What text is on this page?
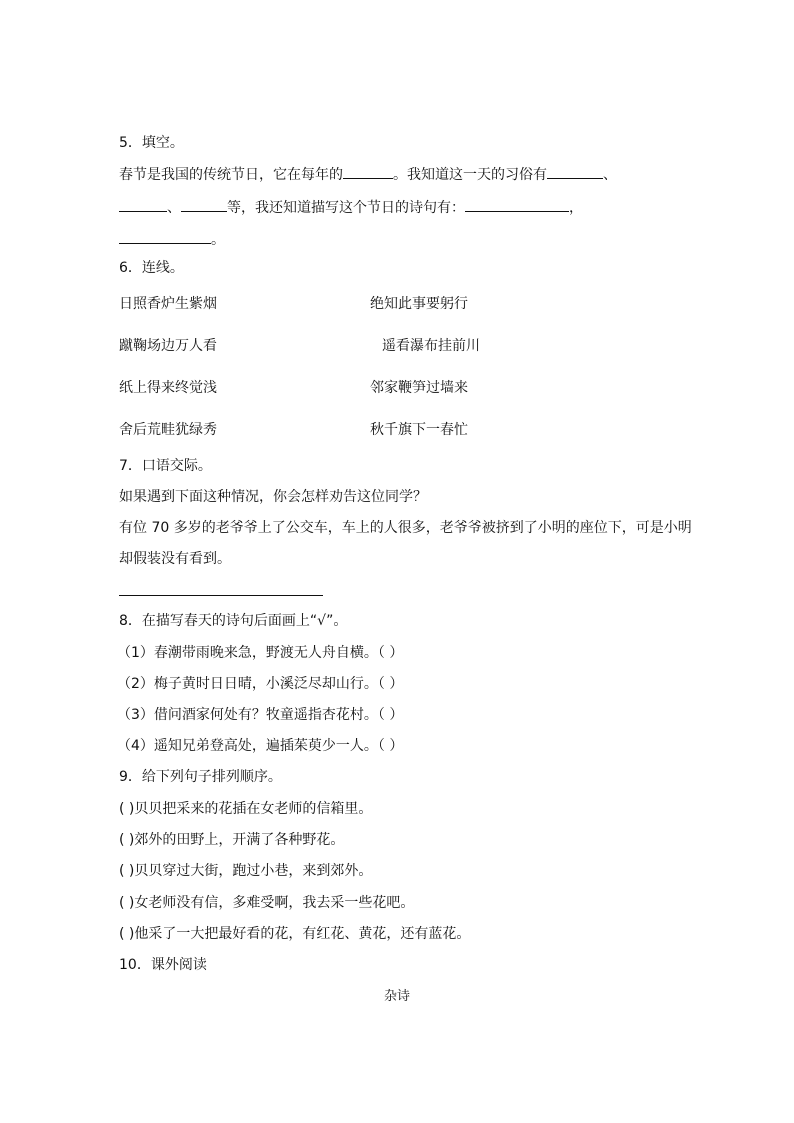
5．填空。
春节是我国的传统节日，它在每年的	。我知道这一天的习俗有	、
、	等，我还知道描写这个节日的诗句有：	，
。
6．连线。
日照香炉生紫烟	绝知此事要躬行
蹴鞠场边万人看	遥看瀑布挂前川
纸上得来终觉浅	邻家鞭笋过墙来
舍后荒畦犹绿秀	秋千旗下一春忙
7．口语交际。
如果遇到下面这种情况，你会怎样劝告这位同学？
有位 70 多岁的老爷爷上了公交车，车上的人很多，老爷爷被挤到了小明的座位下，可是小明
却假装没有看到。
8．在描写春天的诗句后面画上“√”。
（1）春潮带雨晚来急，野渡无人舟自横。（ ）
（2）梅子黄时日日晴，小溪泛尽却山行。（ ）
（3）借问酒家何处有？牧童遥指杏花村。（ ）
（4）遥知兄弟登高处，遍插茱萸少一人。（ ）
9．给下列句子排列顺序。
( )贝贝把采来的花插在女老师的信箱里。
( )郊外的田野上，开满了各种野花。
( )贝贝穿过大街，跑过小巷，来到郊外。
( )女老师没有信，多难受啊，我去采一些花吧。
( )他采了一大把最好看的花，有红花、黄花，还有蓝花。
10．课外阅读
杂诗
